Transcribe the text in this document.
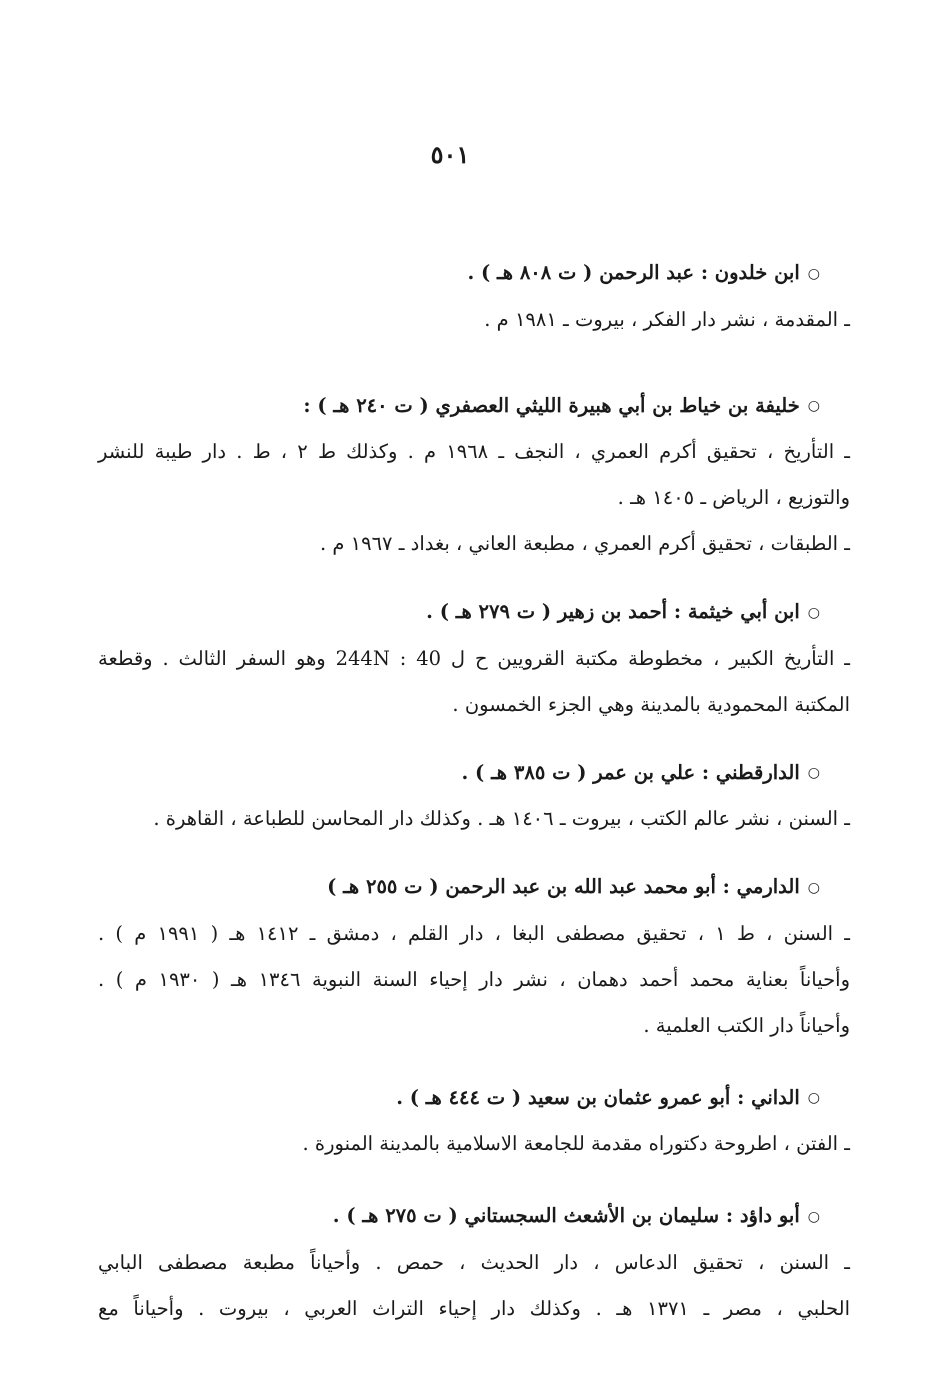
٥٠١
○ابن خلدون : عبد الرحمن ( ت ٨٠٨ هـ ) .
ـ المقدمة ، نشر دار الفكر ، بيروت ـ ١٩٨١ م .
○خليفة بن خياط بن أبي هبيرة الليثي العصفري ( ت ٢٤٠ هـ ) :
ـ التأريخ ، تحقيق أكرم العمري ، النجف ـ ١٩٦٨ م . وكذلك ط ٢ ، ط . دار طيبة للنشر
والتوزيع ، الرياض ـ ١٤٠٥ هـ .
ـ الطبقات ، تحقيق أكرم العمري ، مطبعة العاني ، بغداد ـ ١٩٦٧ م .
○ابن أبي خيثمة : أحمد بن زهير ( ت ٢٧٩ هـ ) .
ـ التأريخ الكبير ، مخطوطة مكتبة القرويين ح ل 40 : 244N وهو السفر الثالث . وقطعة
المكتبة المحمودية بالمدينة وهي الجزء الخمسون .
○الدارقطني : علي بن عمر ( ت ٣٨٥ هـ ) .
ـ السنن ، نشر عالم الكتب ، بيروت ـ ١٤٠٦ هـ . وكذلك دار المحاسن للطباعة ، القاهرة .
○الدارمي : أبو محمد عبد الله بن عبد الرحمن ( ت ٢٥٥ هـ )
ـ السنن ، ط ١ ، تحقيق مصطفى البغا ، دار القلم ، دمشق ـ ١٤١٢ هـ ( ١٩٩١ م ) .
وأحياناً بعناية محمد أحمد دهمان ، نشر دار إحياء السنة النبوية ١٣٤٦ هـ ( ١٩٣٠ م ) .
وأحياناً دار الكتب العلمية .
○الداني : أبو عمرو عثمان بن سعيد ( ت ٤٤٤ هـ ) .
ـ الفتن ، اطروحة دكتوراه مقدمة للجامعة الاسلامية بالمدينة المنورة .
○أبو داؤد : سليمان بن الأشعث السجستاني ( ت ٢٧٥ هـ ) .
ـ السنن ، تحقيق الدعاس ، دار الحديث ، حمص . وأحياناً مطبعة مصطفى البابي
الحلبي ، مصر ـ ١٣٧١ هـ . وكذلك دار إحياء التراث العربي ، بيروت . وأحياناً مع
